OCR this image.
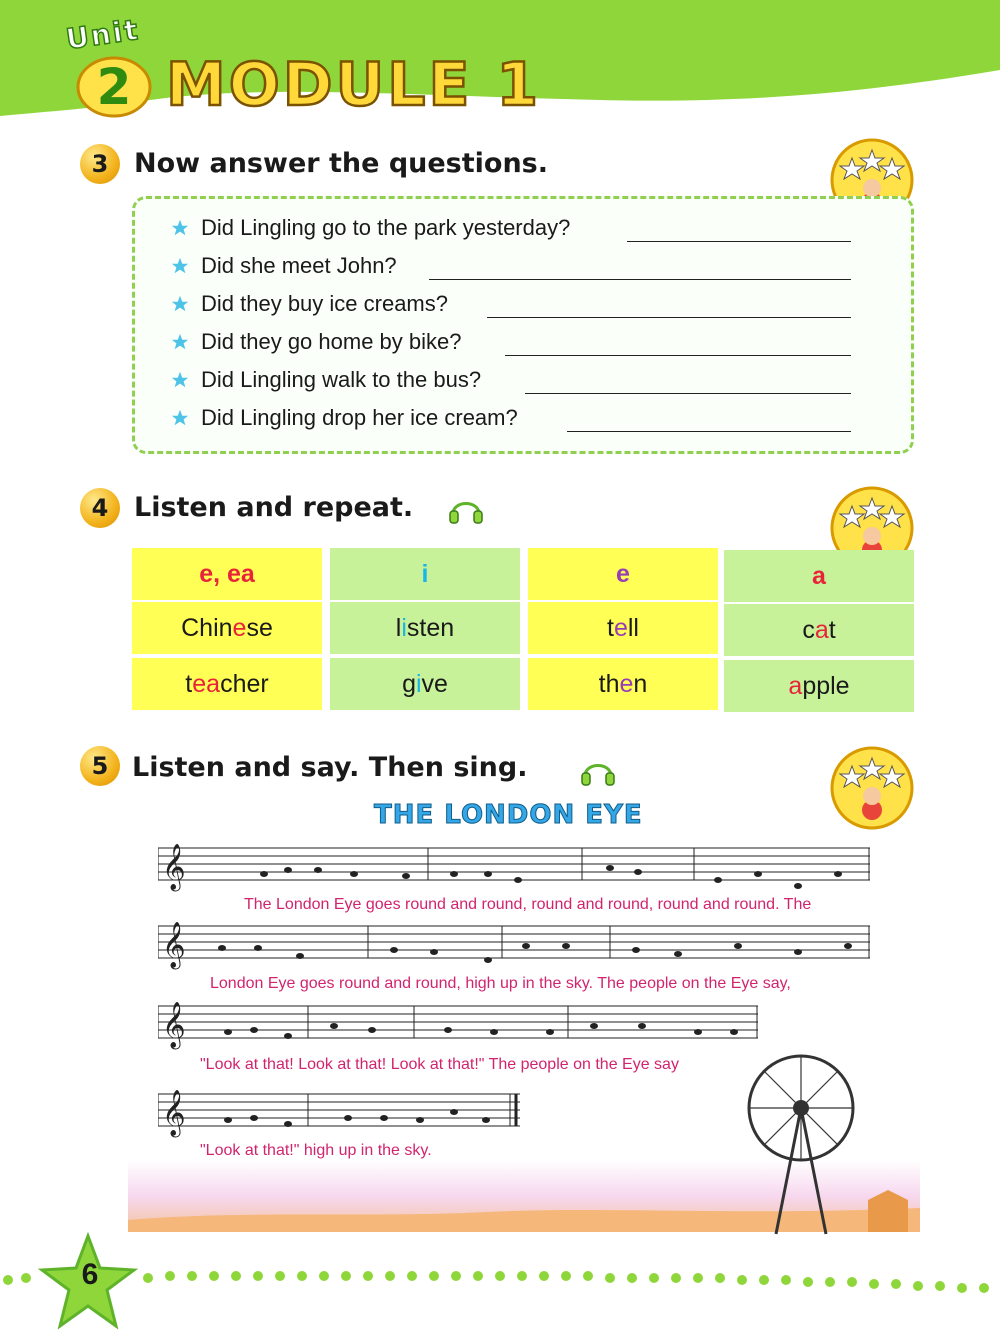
Unit
2 MODULE 1
3 Now answer the questions.
Did Lingling go to the park yesterday?
Did she meet John?
Did they buy ice creams?
Did they go home by bike?
Did Lingling walk to the bus?
Did Lingling drop her ice cream?
4 Listen and repeat.
e, ea	i	e	a
Chin e se	l i sten	t e ll	c a t
t ea cher	g i ve	th e n	a pple
5 Listen and say. Then sing.
THE LONDON EYE
𝄞
The London Eye goes round and round, round and round, round and round. The
𝄞
London Eye goes round and round, high up in the sky. The people on the Eye say,
𝄞
"Look at that! Look at that! Look at that!" The people on the Eye say
𝄞
"Look at that!" high up in the sky.
6
